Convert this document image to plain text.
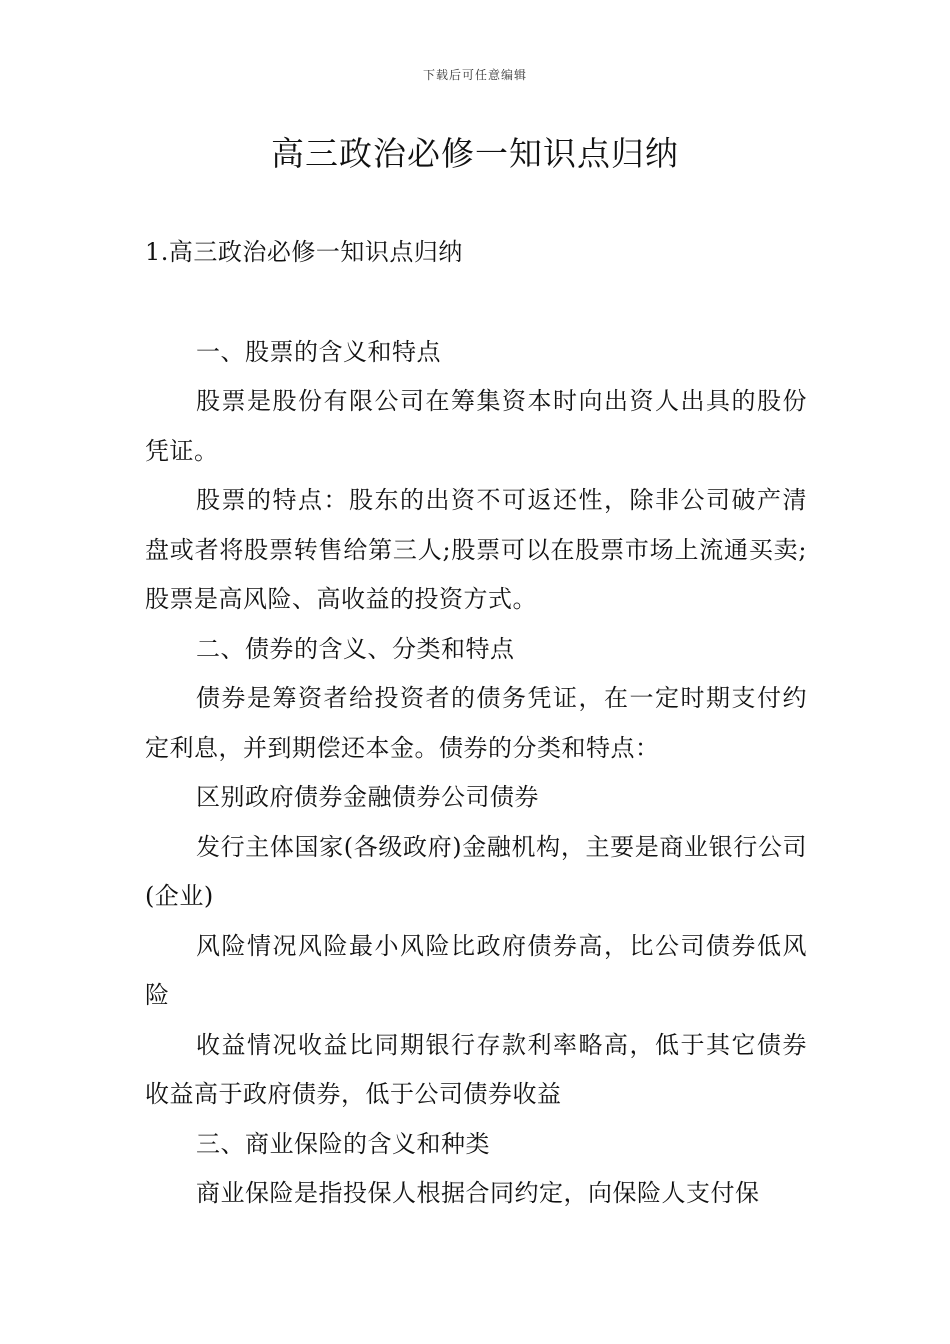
下载后可任意编辑
高三政治必修一知识点归纳

1.高三政治必修一知识点归纳

一、股票的含义和特点

股票是股份有限公司在筹集资本时向出资人出具的股份凭证。

股票的特点：股东的出资不可返还性，除非公司破产清盘或者将股票转售给第三人;股票可以在股票市场上流通买卖;股票是高风险、高收益的投资方式。

二、债券的含义、分类和特点

债券是筹资者给投资者的债务凭证，在一定时期支付约定利息，并到期偿还本金。债券的分类和特点：

区别政府债券金融债券公司债券

发行主体国家(各级政府)金融机构，主要是商业银行公司(企业)

风险情况风险最小风险比政府债券高，比公司债券低风险

收益情况收益比同期银行存款利率略高，低于其它债券收益高于政府债券，低于公司债券收益

三、商业保险的含义和种类

商业保险是指投保人根据合同约定，向保险人支付保
